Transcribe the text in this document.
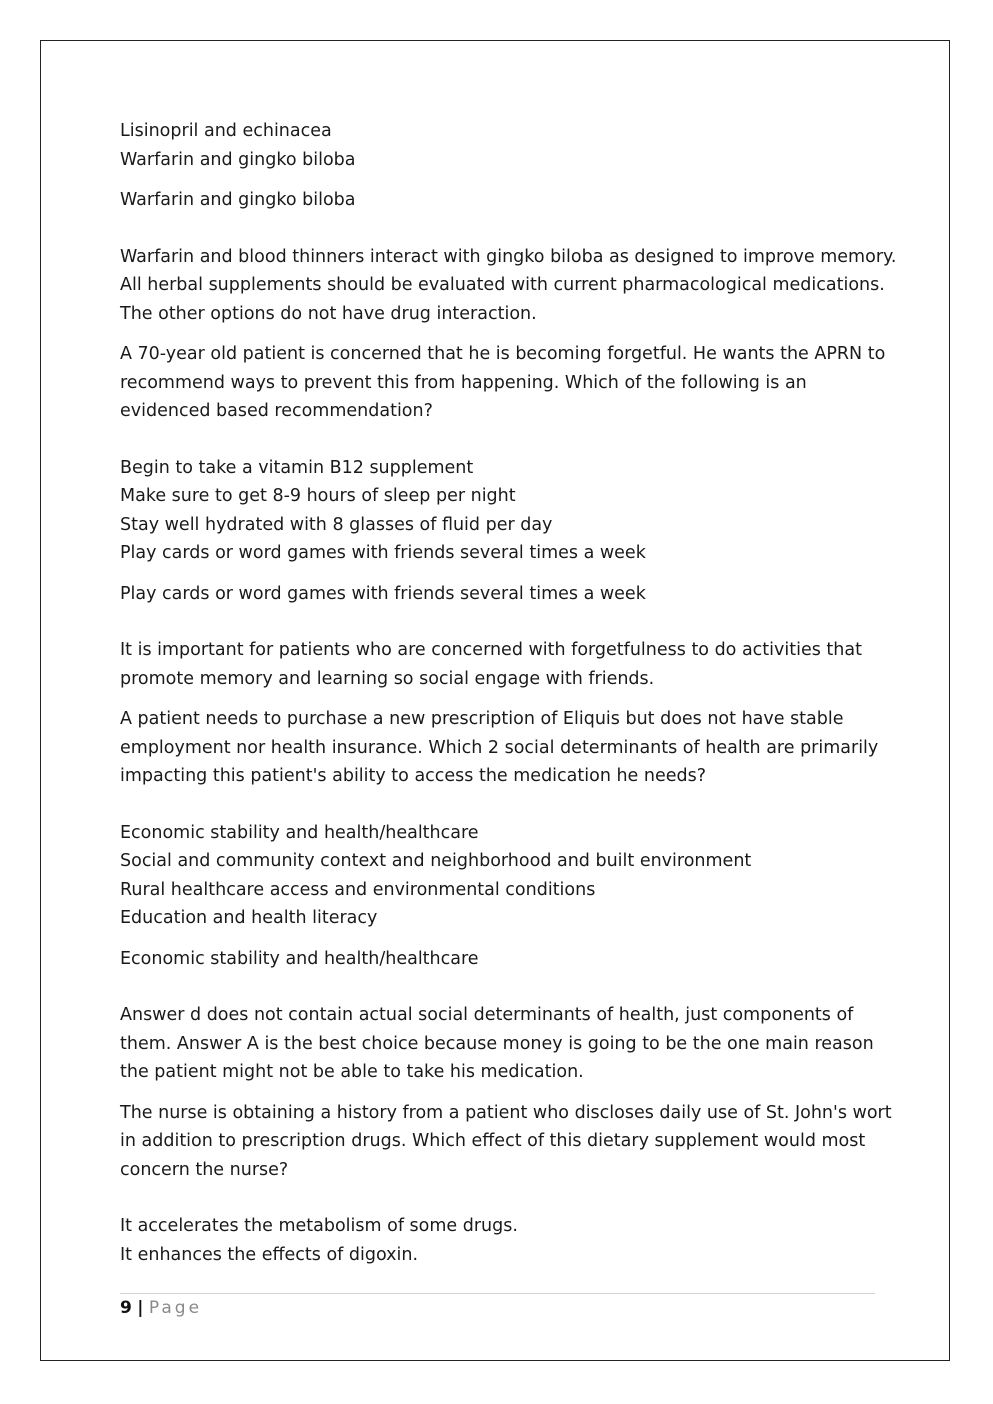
Lisinopril and echinacea
Warfarin and gingko biloba
Warfarin and gingko biloba
Warfarin and blood thinners interact with gingko biloba as designed to improve memory.
All herbal supplements should be evaluated with current pharmacological medications.
The other options do not have drug interaction.
A 70-year old patient is concerned that he is becoming forgetful. He wants the APRN to
recommend ways to prevent this from happening. Which of the following is an
evidenced based recommendation?
Begin to take a vitamin B12 supplement
Make sure to get 8-9 hours of sleep per night
Stay well hydrated with 8 glasses of fluid per day
Play cards or word games with friends several times a week
Play cards or word games with friends several times a week
It is important for patients who are concerned with forgetfulness to do activities that
promote memory and learning so social engage with friends.
A patient needs to purchase a new prescription of Eliquis but does not have stable
employment nor health insurance. Which 2 social determinants of health are primarily
impacting this patient's ability to access the medication he needs?
Economic stability and health/healthcare
Social and community context and neighborhood and built environment
Rural healthcare access and environmental conditions
Education and health literacy
Economic stability and health/healthcare
Answer d does not contain actual social determinants of health, just components of
them. Answer A is the best choice because money is going to be the one main reason
the patient might not be able to take his medication.
The nurse is obtaining a history from a patient who discloses daily use of St. John's wort
in addition to prescription drugs. Which effect of this dietary supplement would most
concern the nurse?
It accelerates the metabolism of some drugs.
It enhances the effects of digoxin.
9 | Page
